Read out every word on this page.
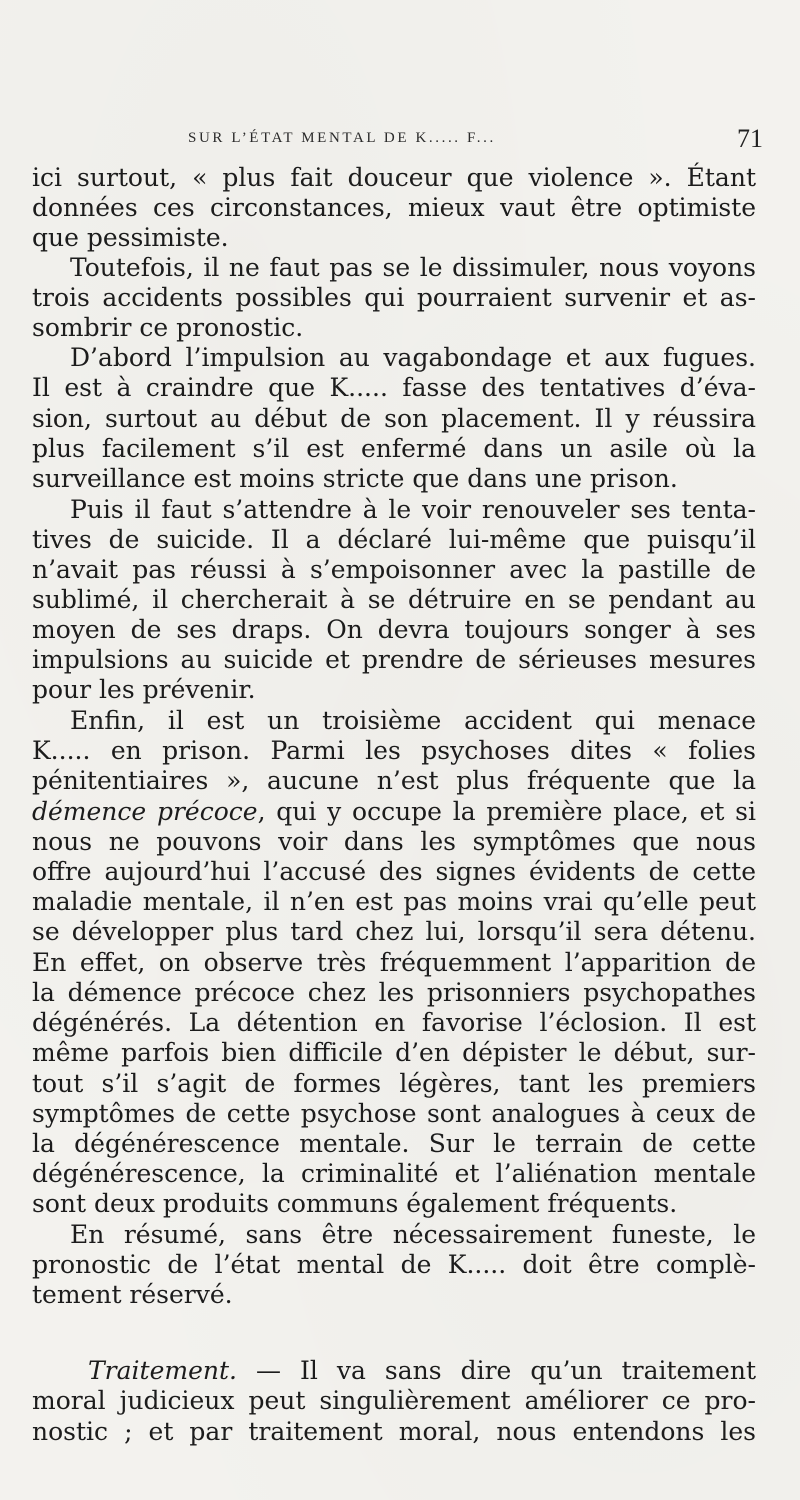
SUR L’ÉTAT MENTAL DE K..... F...	71
ici surtout, « plus fait douceur que violence ». Étant
données ces circonstances, mieux vaut être optimiste
que pessimiste.
Toutefois, il ne faut pas se le dissimuler, nous voyons
trois accidents possibles qui pourraient survenir et as-
sombrir ce pronostic.
D’abord l’impulsion au vagabondage et aux fugues.
Il est à craindre que K..... fasse des tentatives d’éva-
sion, surtout au début de son placement. Il y réussira
plus facilement s’il est enfermé dans un asile où la
surveillance est moins stricte que dans une prison.
Puis il faut s’attendre à le voir renouveler ses tenta-
tives de suicide. Il a déclaré lui-même que puisqu’il
n’avait pas réussi à s’empoisonner avec la pastille de
sublimé, il chercherait à se détruire en se pendant au
moyen de ses draps. On devra toujours songer à ses
impulsions au suicide et prendre de sérieuses mesures
pour les prévenir.
Enfin, il est un troisième accident qui menace
K..... en prison. Parmi les psychoses dites « folies
pénitentiaires », aucune n’est plus fréquente que la
démence précoce, qui y occupe la première place, et si
nous ne pouvons voir dans les symptômes que nous
offre aujourd’hui l’accusé des signes évidents de cette
maladie mentale, il n’en est pas moins vrai qu’elle peut
se développer plus tard chez lui, lorsqu’il sera détenu.
En effet, on observe très fréquemment l’apparition de
la démence précoce chez les prisonniers psychopathes
dégénérés. La détention en favorise l’éclosion. Il est
même parfois bien difficile d’en dépister le début, sur-
tout s’il s’agit de formes légères, tant les premiers
symptômes de cette psychose sont analogues à ceux de
la dégénérescence mentale. Sur le terrain de cette
dégénérescence, la criminalité et l’aliénation mentale
sont deux produits communs également fréquents.
En résumé, sans être nécessairement funeste, le
pronostic de l’état mental de K..... doit être complè-
tement réservé.
Traitement. — Il va sans dire qu’un traitement
moral judicieux peut singulièrement améliorer ce pro-
nostic ; et par traitement moral, nous entendons les
